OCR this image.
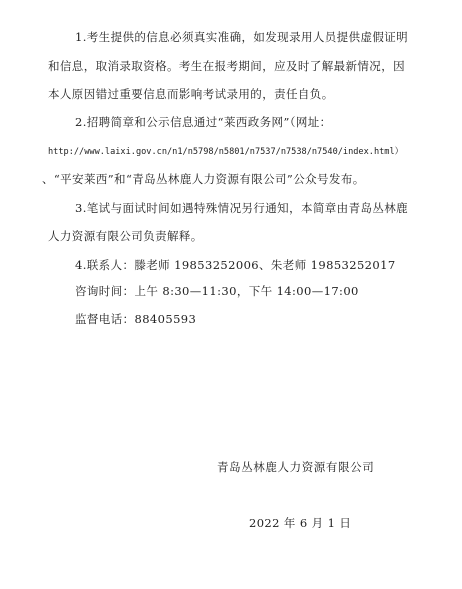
1.考生提供的信息必须真实准确，如发现录用人员提供虚假证明
和信息，取消录取资格。考生在报考期间，应及时了解最新情况，因
本人原因错过重要信息而影响考试录用的，责任自负。
2.招聘简章和公示信息通过“莱西政务网”（网址：
http://www.laixi.gov.cn/n1/n5798/n5801/n7537/n7538/n7540/index.html）
、“平安莱西”和“青岛丛林鹿人力资源有限公司”公众号发布。
3.笔试与面试时间如遇特殊情况另行通知，本简章由青岛丛林鹿
人力资源有限公司负责解释。
4.联系人：滕老师 19853252006、朱老师 19853252017
咨询时间：上午 8:30—11:30，下午 14:00—17:00
监督电话：88405593
青岛丛林鹿人力资源有限公司
2022 年 6 月 1 日
